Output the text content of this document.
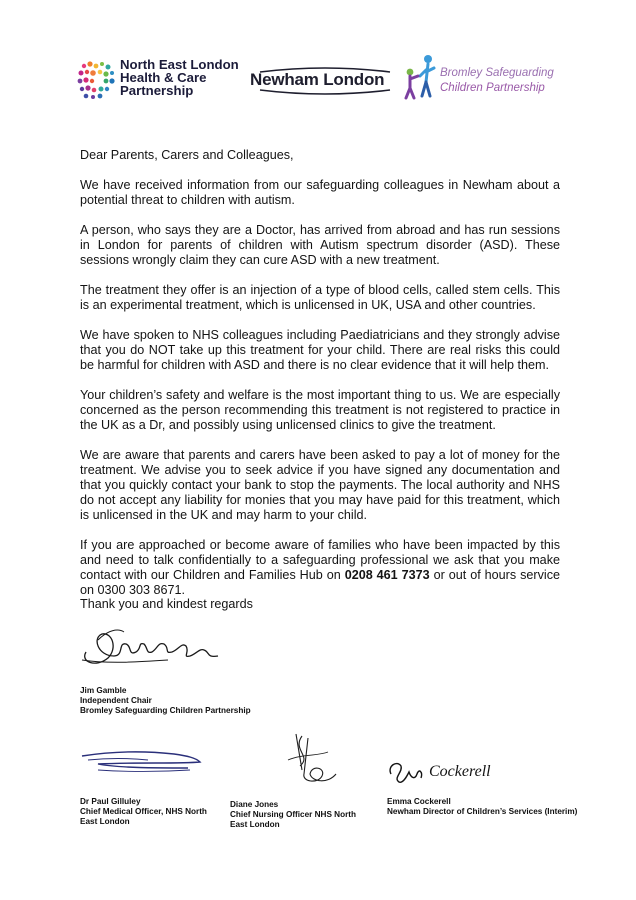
North East London
Health & Care
Partnership
Newham London	Bromley Safeguarding
Children Partnership

Dear Parents, Carers and Colleagues,

We have received information from our safeguarding colleagues in Newham about a potential threat to children with autism.

A person, who says they are a Doctor, has arrived from abroad and has run sessions in London for parents of children with Autism spectrum disorder (ASD). These sessions wrongly claim they can cure ASD with a new treatment.

The treatment they offer is an injection of a type of blood cells, called stem cells. This is an experimental treatment, which is unlicensed in UK, USA and other countries.

We have spoken to NHS colleagues including Paediatricians and they strongly advise that you do NOT take up this treatment for your child. There are real risks this could be harmful for children with ASD and there is no clear evidence that it will help them.

Your children’s safety and welfare is the most important thing to us. We are especially concerned as the person recommending this treatment is not registered to practice in the UK as a Dr, and possibly using unlicensed clinics to give the treatment.

We are aware that parents and carers have been asked to pay a lot of money for the treatment. We advise you to seek advice if you have signed any documentation and that you quickly contact your bank to stop the payments. The local authority and NHS do not accept any liability for monies that you may have paid for this treatment, which is unlicensed in the UK and may harm to your child.

If you are approached or become aware of families who have been impacted by this and need to talk confidentially to a safeguarding professional we ask that you make contact with our Children and Families Hub on 0208 461 7373 or out of hours service on 0300 303 8671.

Thank you and kindest regards
Jim Gamble
Independent Chair
Bromley Safeguarding Children Partnership
Cockerell
Dr Paul Gilluley
Chief Medical Officer, NHS North
East London
Diane Jones
Chief Nursing Officer NHS North
East London
Emma Cockerell
Newham Director of Children’s Services (Interim)
